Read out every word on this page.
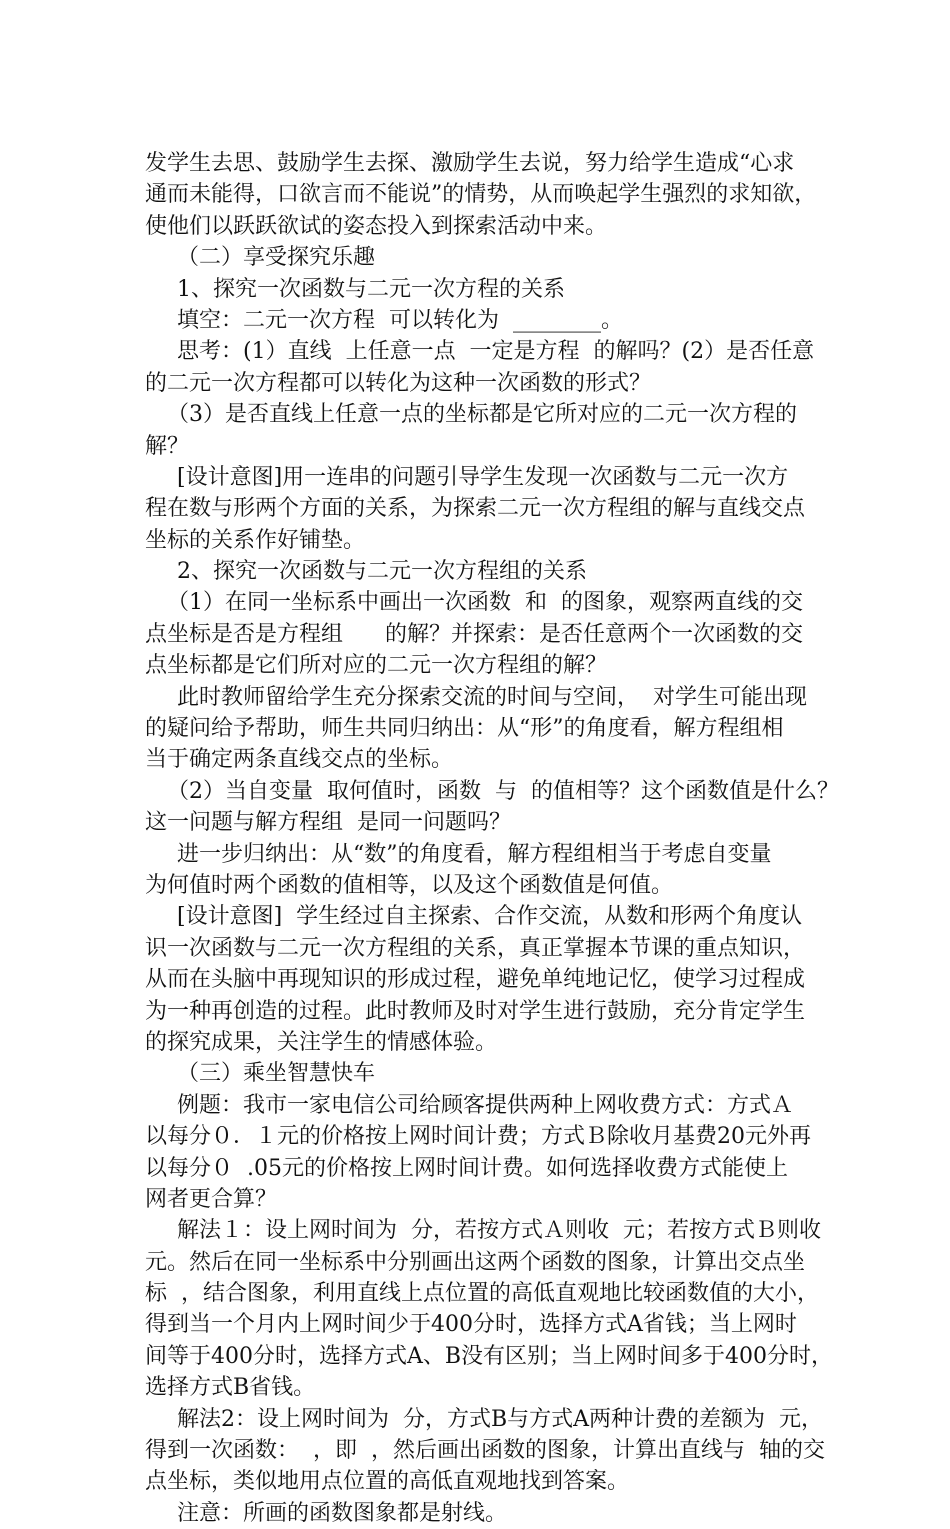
发学生去思、鼓励学生去探、激励学生去说，努力给学生造成“心求
通而未能得，口欲言而不能说”的情势，从而唤起学生强烈的求知欲，
使他们以跃跃欲试的姿态投入到探索活动中来。
（二）享受探究乐趣
1、探究一次函数与二元一次方程的关系
填空：二元一次方程  可以转化为  ________。
思考：(1）直线  上任意一点  一定是方程  的解吗？(2）是否任意
的二元一次方程都可以转化为这种一次函数的形式？
（3）是否直线上任意一点的坐标都是它所对应的二元一次方程的
解？
[设计意图]用一连串的问题引导学生发现一次函数与二元一次方
程在数与形两个方面的关系，为探索二元一次方程组的解与直线交点
坐标的关系作好铺垫。
2、探究一次函数与二元一次方程组的关系
（1）在同一坐标系中画出一次函数  和  的图象，观察两直线的交
点坐标是否是方程组      的解？并探索：是否任意两个一次函数的交
点坐标都是它们所对应的二元一次方程组的解？
此时教师留给学生充分探索交流的时间与空间，  对学生可能出现
的疑问给予帮助，师生共同归纳出：从“形”的角度看，解方程组相
当于确定两条直线交点的坐标。
（2）当自变量  取何值时，函数  与  的值相等？这个函数值是什么？
这一问题与解方程组  是同一问题吗？
进一步归纳出：从“数”的角度看，解方程组相当于考虑自变量
为何值时两个函数的值相等，以及这个函数值是何值。
[设计意图]  学生经过自主探索、合作交流，从数和形两个角度认
识一次函数与二元一次方程组的关系，真正掌握本节课的重点知识，
从而在头脑中再现知识的形成过程，避免单纯地记忆，使学习过程成
为一种再创造的过程。此时教师及时对学生进行鼓励，充分肯定学生
的探究成果，关注学生的情感体验。
（三）乘坐智慧快车
例题：我市一家电信公司给顾客提供两种上网收费方式：方式Ａ
以每分０．１元的价格按上网时间计费；方式Ｂ除收月基费20元外再
以每分０  .05元的价格按上网时间计费。如何选择收费方式能使上
网者更合算？
解法１：设上网时间为  分，若按方式Ａ则收  元；若按方式Ｂ则收
元。然后在同一坐标系中分别画出这两个函数的图象，计算出交点坐
标  ，结合图象，利用直线上点位置的高低直观地比较函数值的大小，
得到当一个月内上网时间少于400分时，选择方式A省钱；当上网时
间等于400分时，选择方式A、B没有区别；当上网时间多于400分时，
选择方式B省钱。
解法2：设上网时间为  分，方式B与方式A两种计费的差额为  元，
得到一次函数：  ，即  ，然后画出函数的图象，计算出直线与  轴的交
点坐标，类似地用点位置的高低直观地找到答案。
注意：所画的函数图象都是射线。
